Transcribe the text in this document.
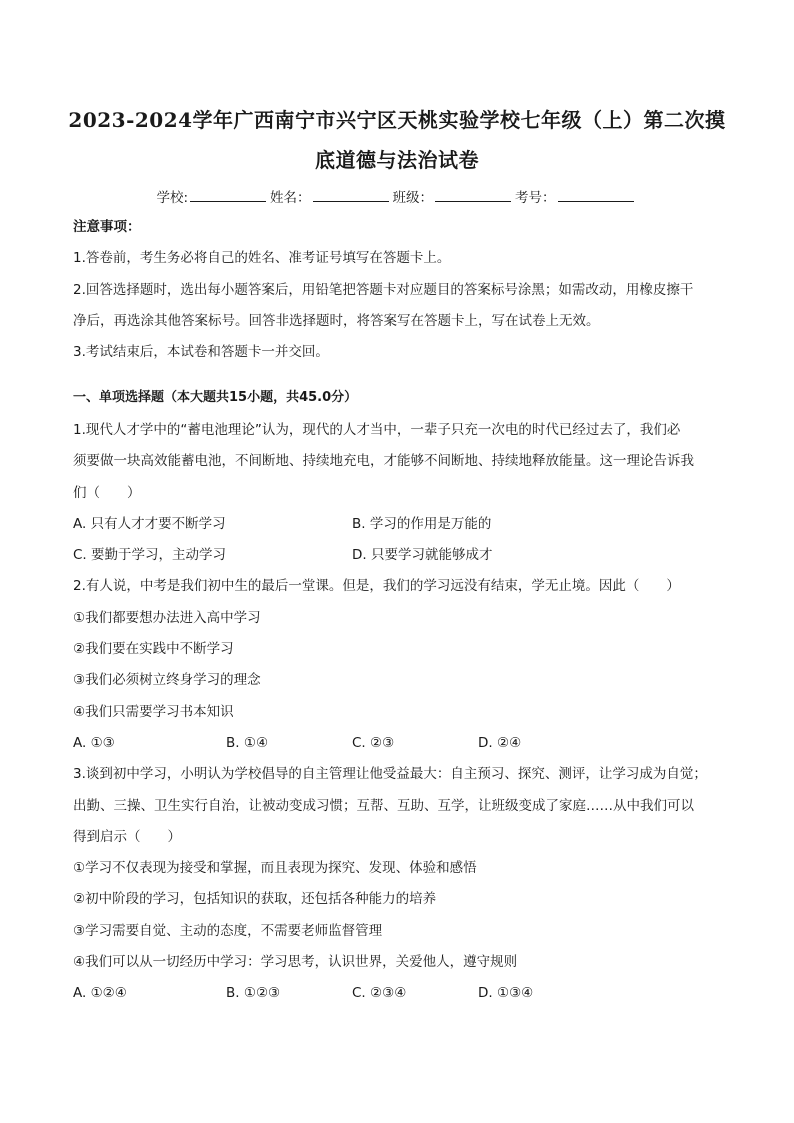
2023-2024学年广西南宁市兴宁区天桃实验学校七年级（上）第二次摸
底道德与法治试卷
学校:	姓名：	班级：	考号：
注意事项：
1.答卷前，考生务必将自己的姓名、准考证号填写在答题卡上。
2.回答选择题时，选出每小题答案后，用铅笔把答题卡对应题目的答案标号涂黑；如需改动，用橡皮擦干
净后，再选涂其他答案标号。回答非选择题时，将答案写在答题卡上，写在试卷上无效。
3.考试结束后，本试卷和答题卡一并交回。
一、单项选择题（本大题共15小题，共45.0分）
1.现代人才学中的“蓄电池理论”认为，现代的人才当中，一辈子只充一次电的时代已经过去了，我们必
须要做一块高效能蓄电池，不间断地、持续地充电，才能够不间断地、持续地释放能量。这一理论告诉我
们（　　）
A. 只有人才才要不断学习	B. 学习的作用是万能的
C. 要勤于学习，主动学习	D. 只要学习就能够成才
2.有人说，中考是我们初中生的最后一堂课。但是，我们的学习远没有结束，学无止境。因此（　　）
①我们都要想办法进入高中学习
②我们要在实践中不断学习
③我们必须树立终身学习的理念
④我们只需要学习书本知识
A. ①③	B. ①④	C. ②③	D. ②④
3.谈到初中学习，小明认为学校倡导的自主管理让他受益最大：自主预习、探究、测评，让学习成为自觉；
出勤、三操、卫生实行自治，让被动变成习惯；互帮、互助、互学，让班级变成了家庭……从中我们可以
得到启示（　　）
①学习不仅表现为接受和掌握，而且表现为探究、发现、体验和感悟
②初中阶段的学习，包括知识的获取，还包括各种能力的培养
③学习需要自觉、主动的态度，不需要老师监督管理
④我们可以从一切经历中学习：学习思考，认识世界，关爱他人，遵守规则
A. ①②④	B. ①②③	C. ②③④	D. ①③④
